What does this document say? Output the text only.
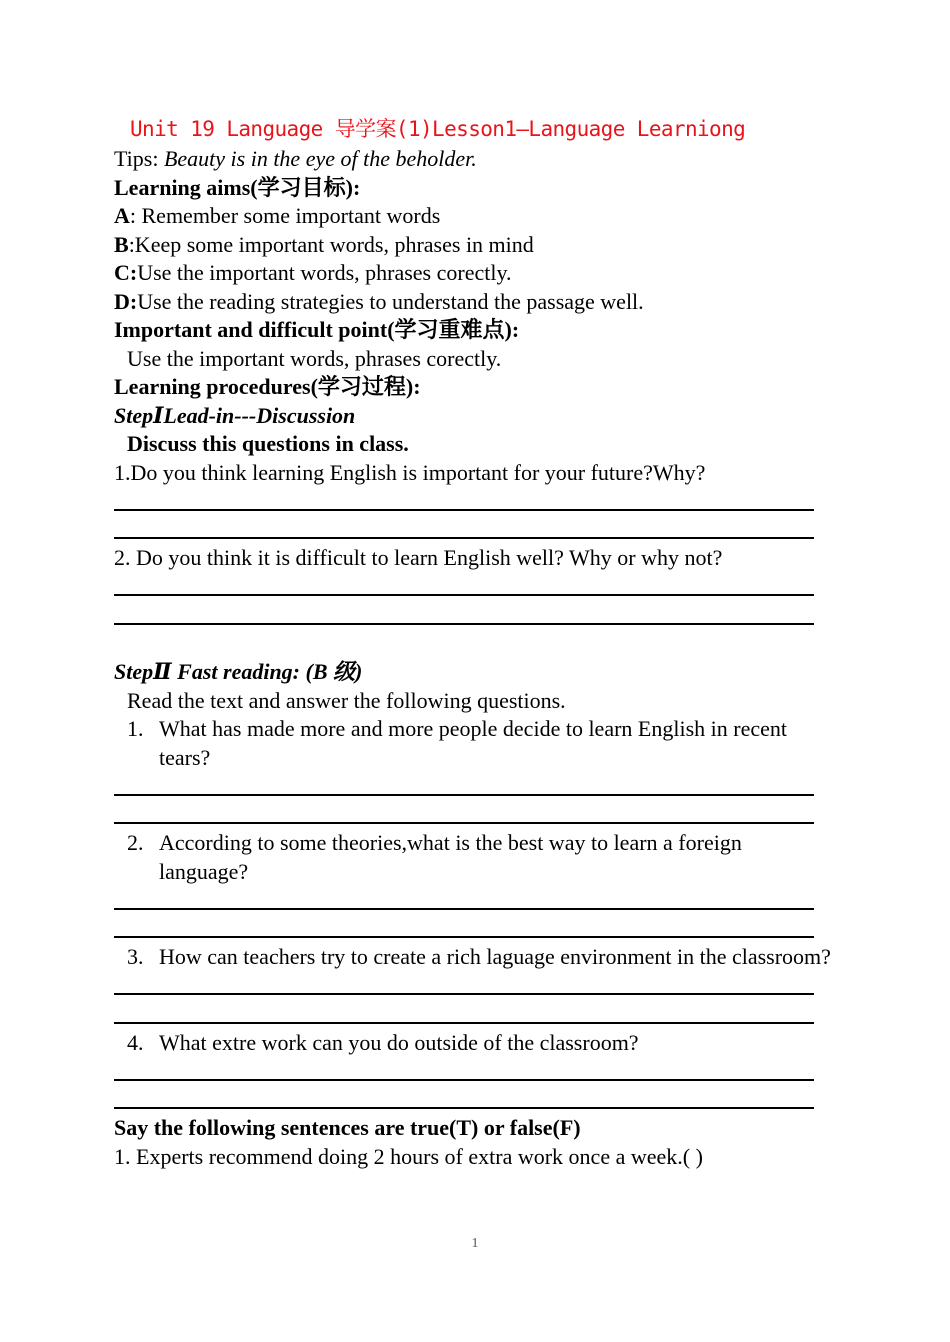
Unit 19 Language 导学案(1)Lesson1—Language Learniong
Tips: Beauty is in the eye of the beholder.
Learning aims(学习目标):
A: Remember some important words
B:Keep some important words, phrases in mind
C:Use the important words, phrases corectly.
D:Use the reading strategies to understand the passage well.
Important and difficult point(学习重难点):
Use the important words, phrases corectly.
Learning procedures(学习过程):
StepⅠLead-in---Discussion
Discuss this questions in class.
1.Do you think learning English is important for your future?Why?
2. Do you think it is difficult to learn English well? Why or why not?
StepⅡ Fast reading: (B 级)
Read the text and answer the following questions.
1. What has made more and more people decide to learn English in recent tears?
2. According to some theories,what is the best way to learn a foreign language?
3. How can teachers try to create a rich laguage environment in the classroom?
4. What extre work can you do outside of the classroom?
Say the following sentences are true(T) or false(F)
1. Experts recommend doing 2 hours of extra work once a week.( )
1
